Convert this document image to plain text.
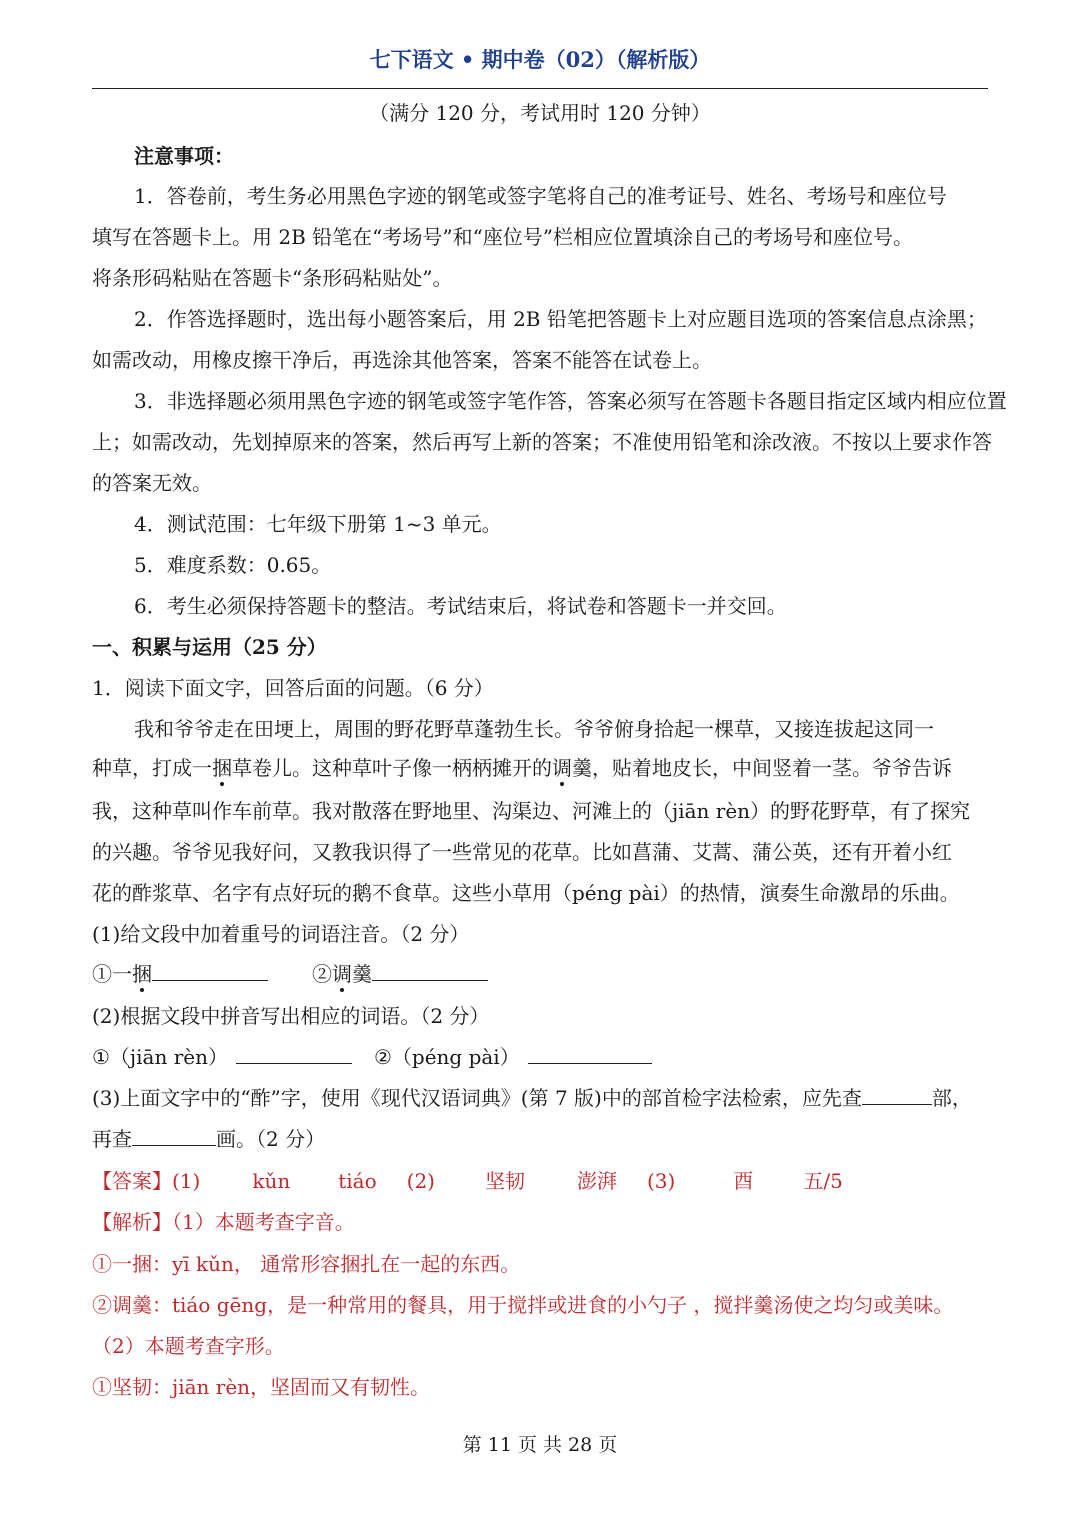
七下语文 • 期中卷（02）（解析版）
（满分 120 分，考试用时 120 分钟）
注意事项：
1．答卷前，考生务必用黑色字迹的钢笔或签字笔将自己的准考证号、姓名、考场号和座位号
填写在答题卡上。用 2B 铅笔在“考场号”和“座位号”栏相应位置填涂自己的考场号和座位号。
将条形码粘贴在答题卡“条形码粘贴处”。
2．作答选择题时，选出每小题答案后，用 2B 铅笔把答题卡上对应题目选项的答案信息点涂黑；
如需改动，用橡皮擦干净后，再选涂其他答案，答案不能答在试卷上。
3．非选择题必须用黑色字迹的钢笔或签字笔作答，答案必须写在答题卡各题目指定区域内相应位置
上；如需改动，先划掉原来的答案，然后再写上新的答案；不准使用铅笔和涂改液。不按以上要求作答
的答案无效。
4．测试范围：七年级下册第 1~3 单元。
5．难度系数：0.65。
6．考生必须保持答题卡的整洁。考试结束后，将试卷和答题卡一并交回。
一、积累与运用（25 分）
1．阅读下面文字，回答后面的问题。（6 分）
我和爷爷走在田埂上，周围的野花野草蓬勃生长。爷爷俯身拾起一棵草，又接连拔起这同一
种草，打成一捆草卷儿。这种草叶子像一柄柄摊开的调羹，贴着地皮长，中间竖着一茎。爷爷告诉
我，这种草叫作车前草。我对散落在野地里、沟渠边、河滩上的（jiān rèn）的野花野草，有了探究
的兴趣。爷爷见我好问，又教我识得了一些常见的花草。比如菖蒲、艾蒿、蒲公英，还有开着小红
花的酢浆草、名字有点好玩的鹅不食草。这些小草用（péng pài）的热情，演奏生命激昂的乐曲。
(1)给文段中加着重号的词语注音。（2 分）
①一捆	②调羹
(2)根据文段中拼音写出相应的词语。（2 分）
①（jiān rèn）	②（péng pài）
(3)上面文字中的“酢”字，使用《现代汉语词典》(第 7 版)中的部首检字法检索，应先查	部，
再查	画。（2 分）
【答案】(1)	kǔn tiáo (2)	坚韧	澎湃 (3)	酉	五/5
【解析】（1）本题考查字音。
①一捆：yī kǔn， 通常形容捆扎在一起的东西。
②调羹：tiáo gēng，是一种常用的餐具，用于搅拌或进食的小勺子 ，搅拌羹汤使之均匀或美味。
（2）本题考查字形。
①坚韧：jiān rèn，坚固而又有韧性。
第 11 页 共 28 页
